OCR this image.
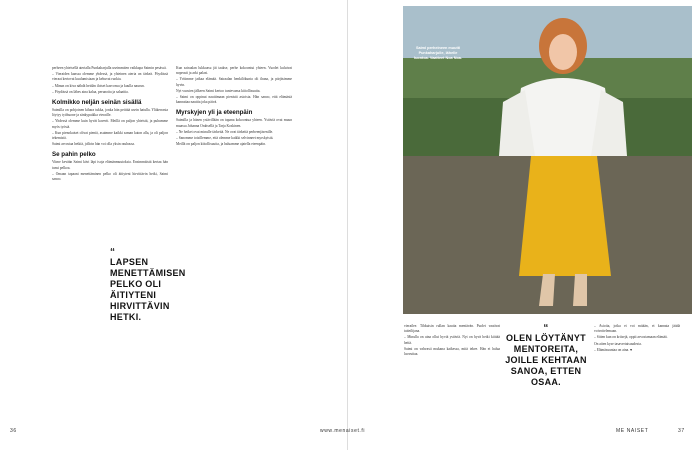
perheen yhteisellä aterialla Punkaharjulla useimmiten vaikkapa Saimin pesässä.

– Vieraiden kanssa olemme yhdessä, ja yhteinen ateria on tärkeä. Pöydässä vieraat kertovat kuulumisiaan ja kehuvat ruokia.

– Minun on kiva nähdä heidän iloiset kasvonsa ja kuulla naurun.

– Pöydässä on lähes aina kalaa, perunoita ja salaattia.

Kolmikko neljän seinän sisällä

Saimilla on pohjoinen kihara tukka, jonka hän peittää usein hatulla. Yläkerrasta löytyy työhuone ja sänkypaikka vieraille.

– Yhdessä olemme kuin hyvät kaverit. Meillä on paljon yhteistä, ja puhumme myös työstä.

– Kun pienokaiset olivat pieniä, asuimme kaikki saman katon alla, ja oli paljon tekemistä.

Saimi arvostaa hetkiä, jolloin hän voi olla yksin rauhassa.

Se pahin pelko

Viime kevään Saimi kävi läpi isoja elämänmuutoksia. Ensimmäistä kertaa hän tunsi pelkoa.

– Omaan tapaani menettäminen pelko oli äitiyteni hirvittävin hetki, Saimi sanoo.

Kun sairaalan lukkoasu jäi taakse, perhe kokoontui yhteen. Vuodet kuluivat nopeasti ja arki palasi.

– Yritimme jatkaa elämää. Sairaalan henkilökunta oli ihana, ja pärjäsimme hyvin.

Nyt vuosien jälkeen Saimi kertoo tuntevansa kiitollisuutta.

– Saimi on oppinut nauttimaan pienistä asioista. Hän sanoo, että elämästä kannattaa nauttia joka päivä.

Myrskyjen yli ja eteenpäin

Saimilla ja hänen ystävillään on tapana kokoontua yhteen. Ystäviä ovat muun muassa Johanna Orahsellä ja Tarja Koskinen.

– Ne hetket ovat minulle tärkeitä. Ne ovat tärkeitä perheenjäsenille.

– Sanomme toisillemme, että olemme kaikki selvinneet myrskyistä.

Meillä on paljon kiitollisuutta, ja haluamme ajatella eteenpäin.

“
LAPSEN MENETTÄMISEN PELKO OLI ÄITIYTENI HIRVITTÄVIN HETKI.
36
Saimi perheineen muutti Punkaharjulle, lähelle luontoa. Vaatteet Noa Noa.

vierailee. Tihkuisin rullan kautta mentävän. Puolet vaativat taiteilijana.

– Minulla on aina ollut hyviä ystäviä. Nyt on hyvä hetki kiittää heitä.

Saimi on vahvasti mukana kaikessa, mitä tekee. Hän ei halua luovuttaa.

“
OLEN LÖYTÄNYT MENTOREITA, JOILLE KEHTAAN SANOA, ETTEN OSAA.

– Asioita, jotka ei voi mitään, ei kannata jäädä voivottelemaan.

– Sitten kun on kriisejä, oppii arvostamaan elämää.

On aiten kyse tasavertaisuudesta.

– Elämäsuuntaa on aina. ♥

www.menaiset.fi	ME NAISET	37
